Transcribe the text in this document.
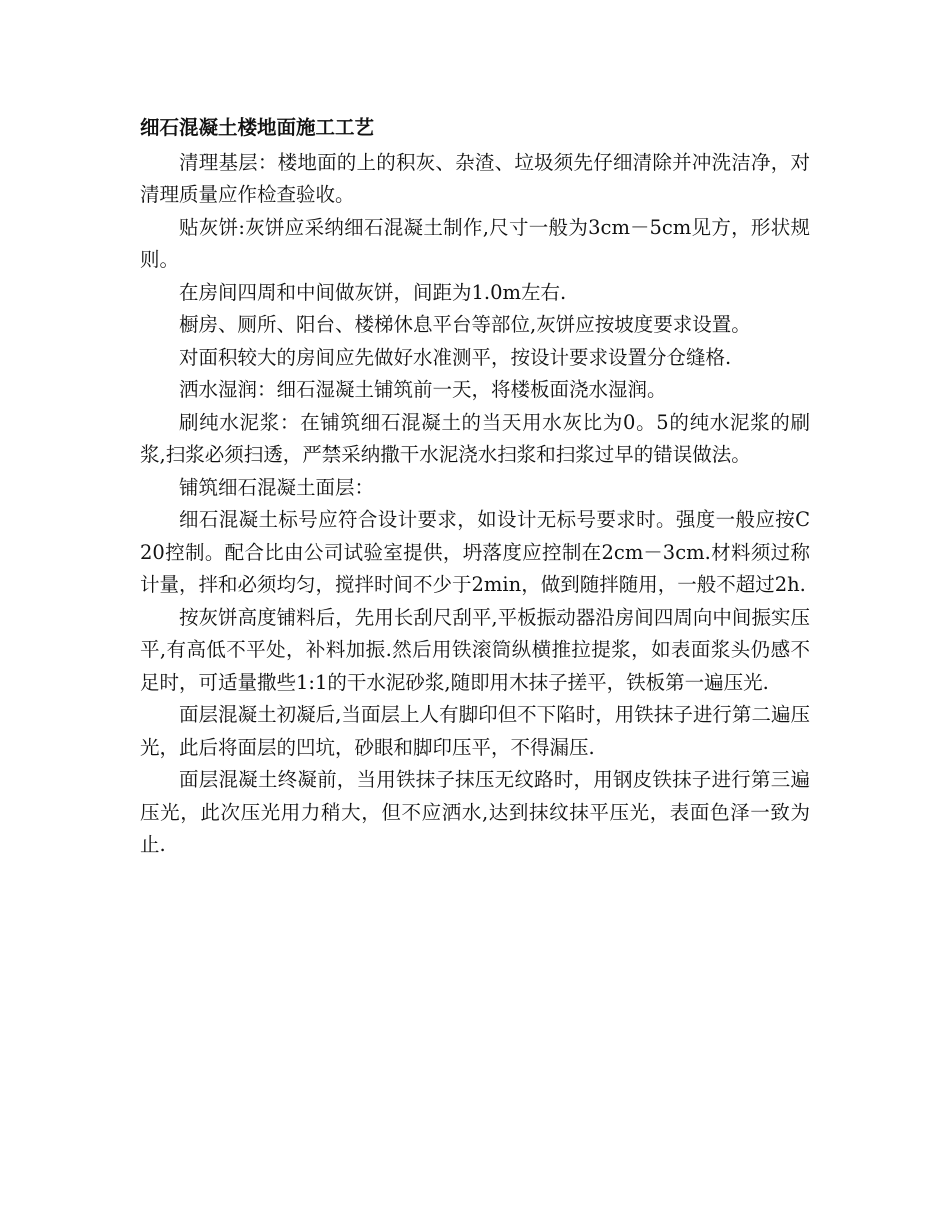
细石混凝土楼地面施工工艺

清理基层：楼地面的上的积灰、杂渣、垃圾须先仔细清除并冲洗洁净，对清理质量应作检查验收。

贴灰饼:灰饼应采纳细石混凝土制作,尺寸一般为3cm－5cm见方，形状规则。

在房间四周和中间做灰饼，间距为1.0m左右.

橱房、厕所、阳台、楼梯休息平台等部位,灰饼应按坡度要求设置。

对面积较大的房间应先做好水准测平，按设计要求设置分仓缝格.

洒水湿润：细石湿凝土铺筑前一天，将楼板面浇水湿润。

刷纯水泥浆：在铺筑细石混凝土的当天用水灰比为0。5的纯水泥浆的刷浆,扫浆必须扫透，严禁采纳撒干水泥浇水扫浆和扫浆过早的错误做法。

铺筑细石混凝土面层：

细石混凝土标号应符合设计要求，如设计无标号要求时。强度一般应按C20控制。配合比由公司试验室提供，坍落度应控制在2cm－3cm.材料须过称计量，拌和必须均匀，搅拌时间不少于2min，做到随拌随用，一般不超过2h.

按灰饼高度铺料后，先用长刮尺刮平,平板振动器沿房间四周向中间振实压平,有高低不平处，补料加振.然后用铁滚筒纵横推拉提浆，如表面浆头仍感不足时，可适量撒些1:1的干水泥砂浆,随即用木抹子搓平，铁板第一遍压光.

面层混凝土初凝后,当面层上人有脚印但不下陷时，用铁抹子进行第二遍压光，此后将面层的凹坑，砂眼和脚印压平，不得漏压.

面层混凝土终凝前，当用铁抹子抹压无纹路时，用钢皮铁抹子进行第三遍压光，此次压光用力稍大，但不应洒水,达到抹纹抹平压光，表面色泽一致为止.
